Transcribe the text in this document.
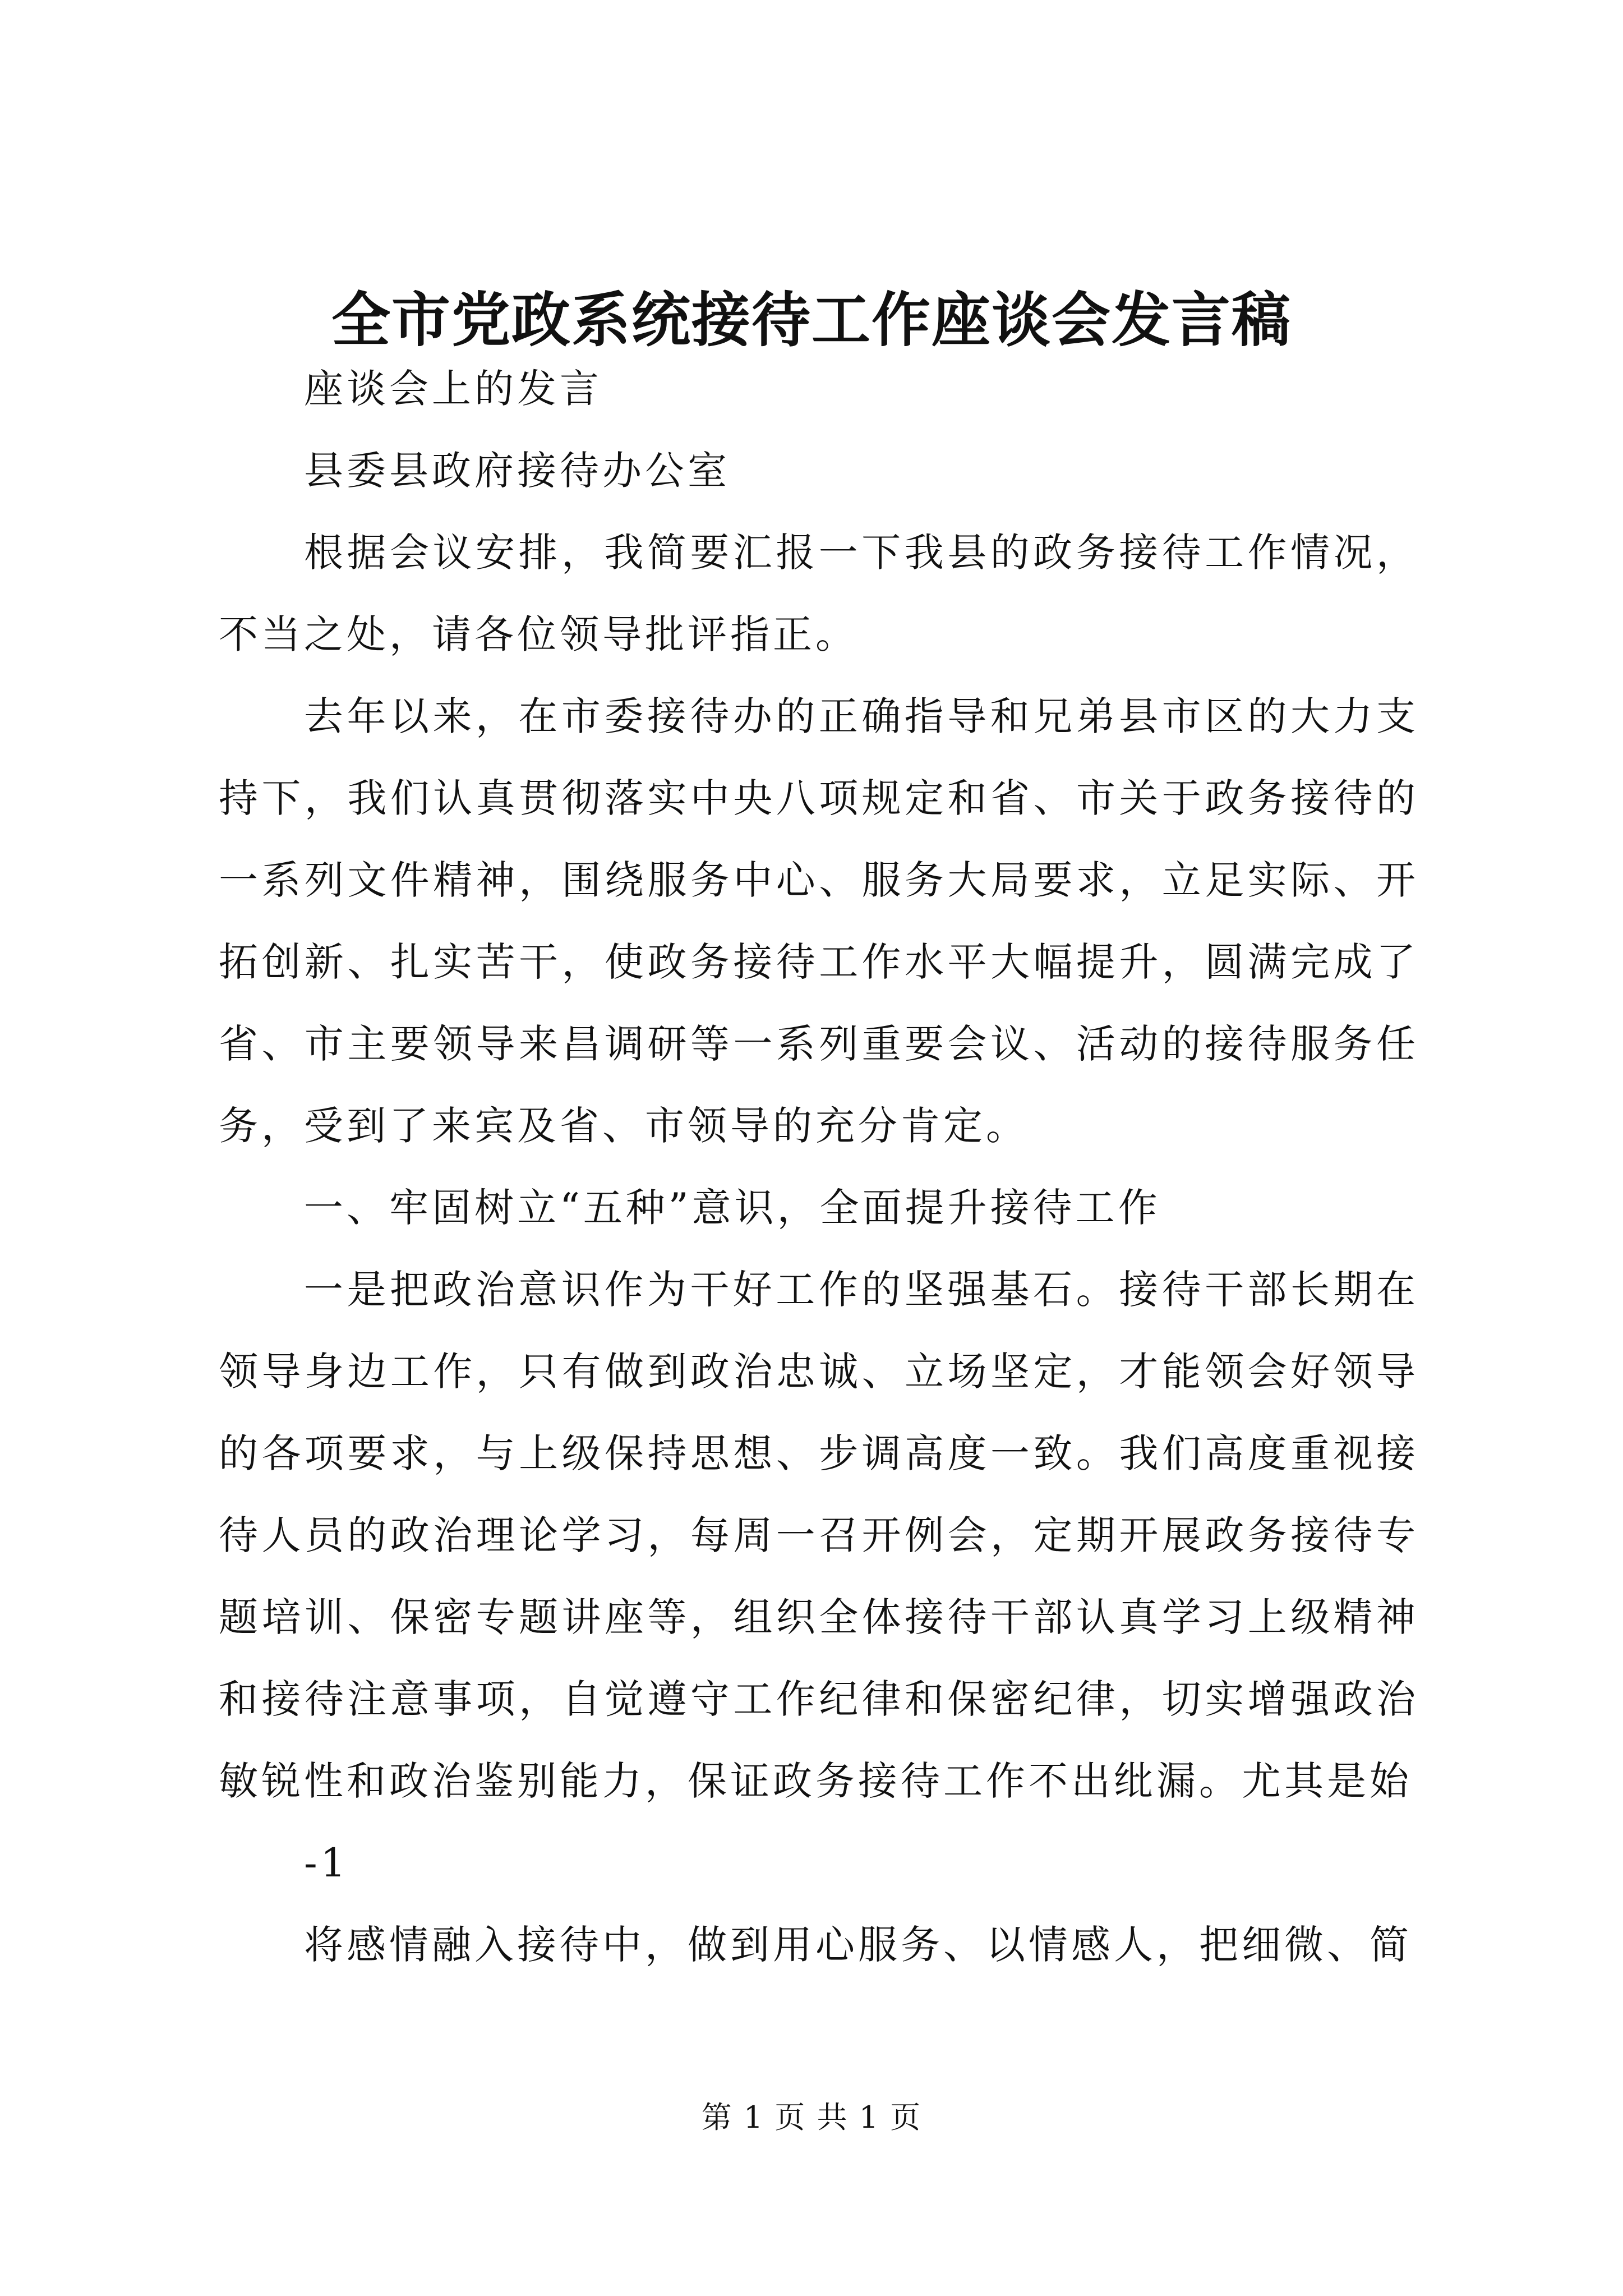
全市党政系统接待工作座谈会发言稿

座谈会上的发言

县委县政府接待办公室

根据会议安排，我简要汇报一下我县的政务接待工作情况，不当之处，请各位领导批评指正。

去年以来，在市委接待办的正确指导和兄弟县市区的大力支持下，我们认真贯彻落实中央八项规定和省、市关于政务接待的一系列文件精神，围绕服务中心、服务大局要求，立足实际、开拓创新、扎实苦干，使政务接待工作水平大幅提升，圆满完成了省、市主要领导来昌调研等一系列重要会议、活动的接待服务任务，受到了来宾及省、市领导的充分肯定。

一、牢固树立“五种”意识，全面提升接待工作

一是把政治意识作为干好工作的坚强基石。接待干部长期在领导身边工作，只有做到政治忠诚、立场坚定，才能领会好领导的各项要求，与上级保持思想、步调高度一致。我们高度重视接待人员的政治理论学习，每周一召开例会，定期开展政务接待专题培训、保密专题讲座等，组织全体接待干部认真学习上级精神和接待注意事项，自觉遵守工作纪律和保密纪律，切实增强政治敏锐性和政治鉴别能力，保证政务接待工作不出纰漏。尤其是始

-1

将感情融入接待中，做到用心服务、以情感人，把细微、简

第 1 页 共 1 页
